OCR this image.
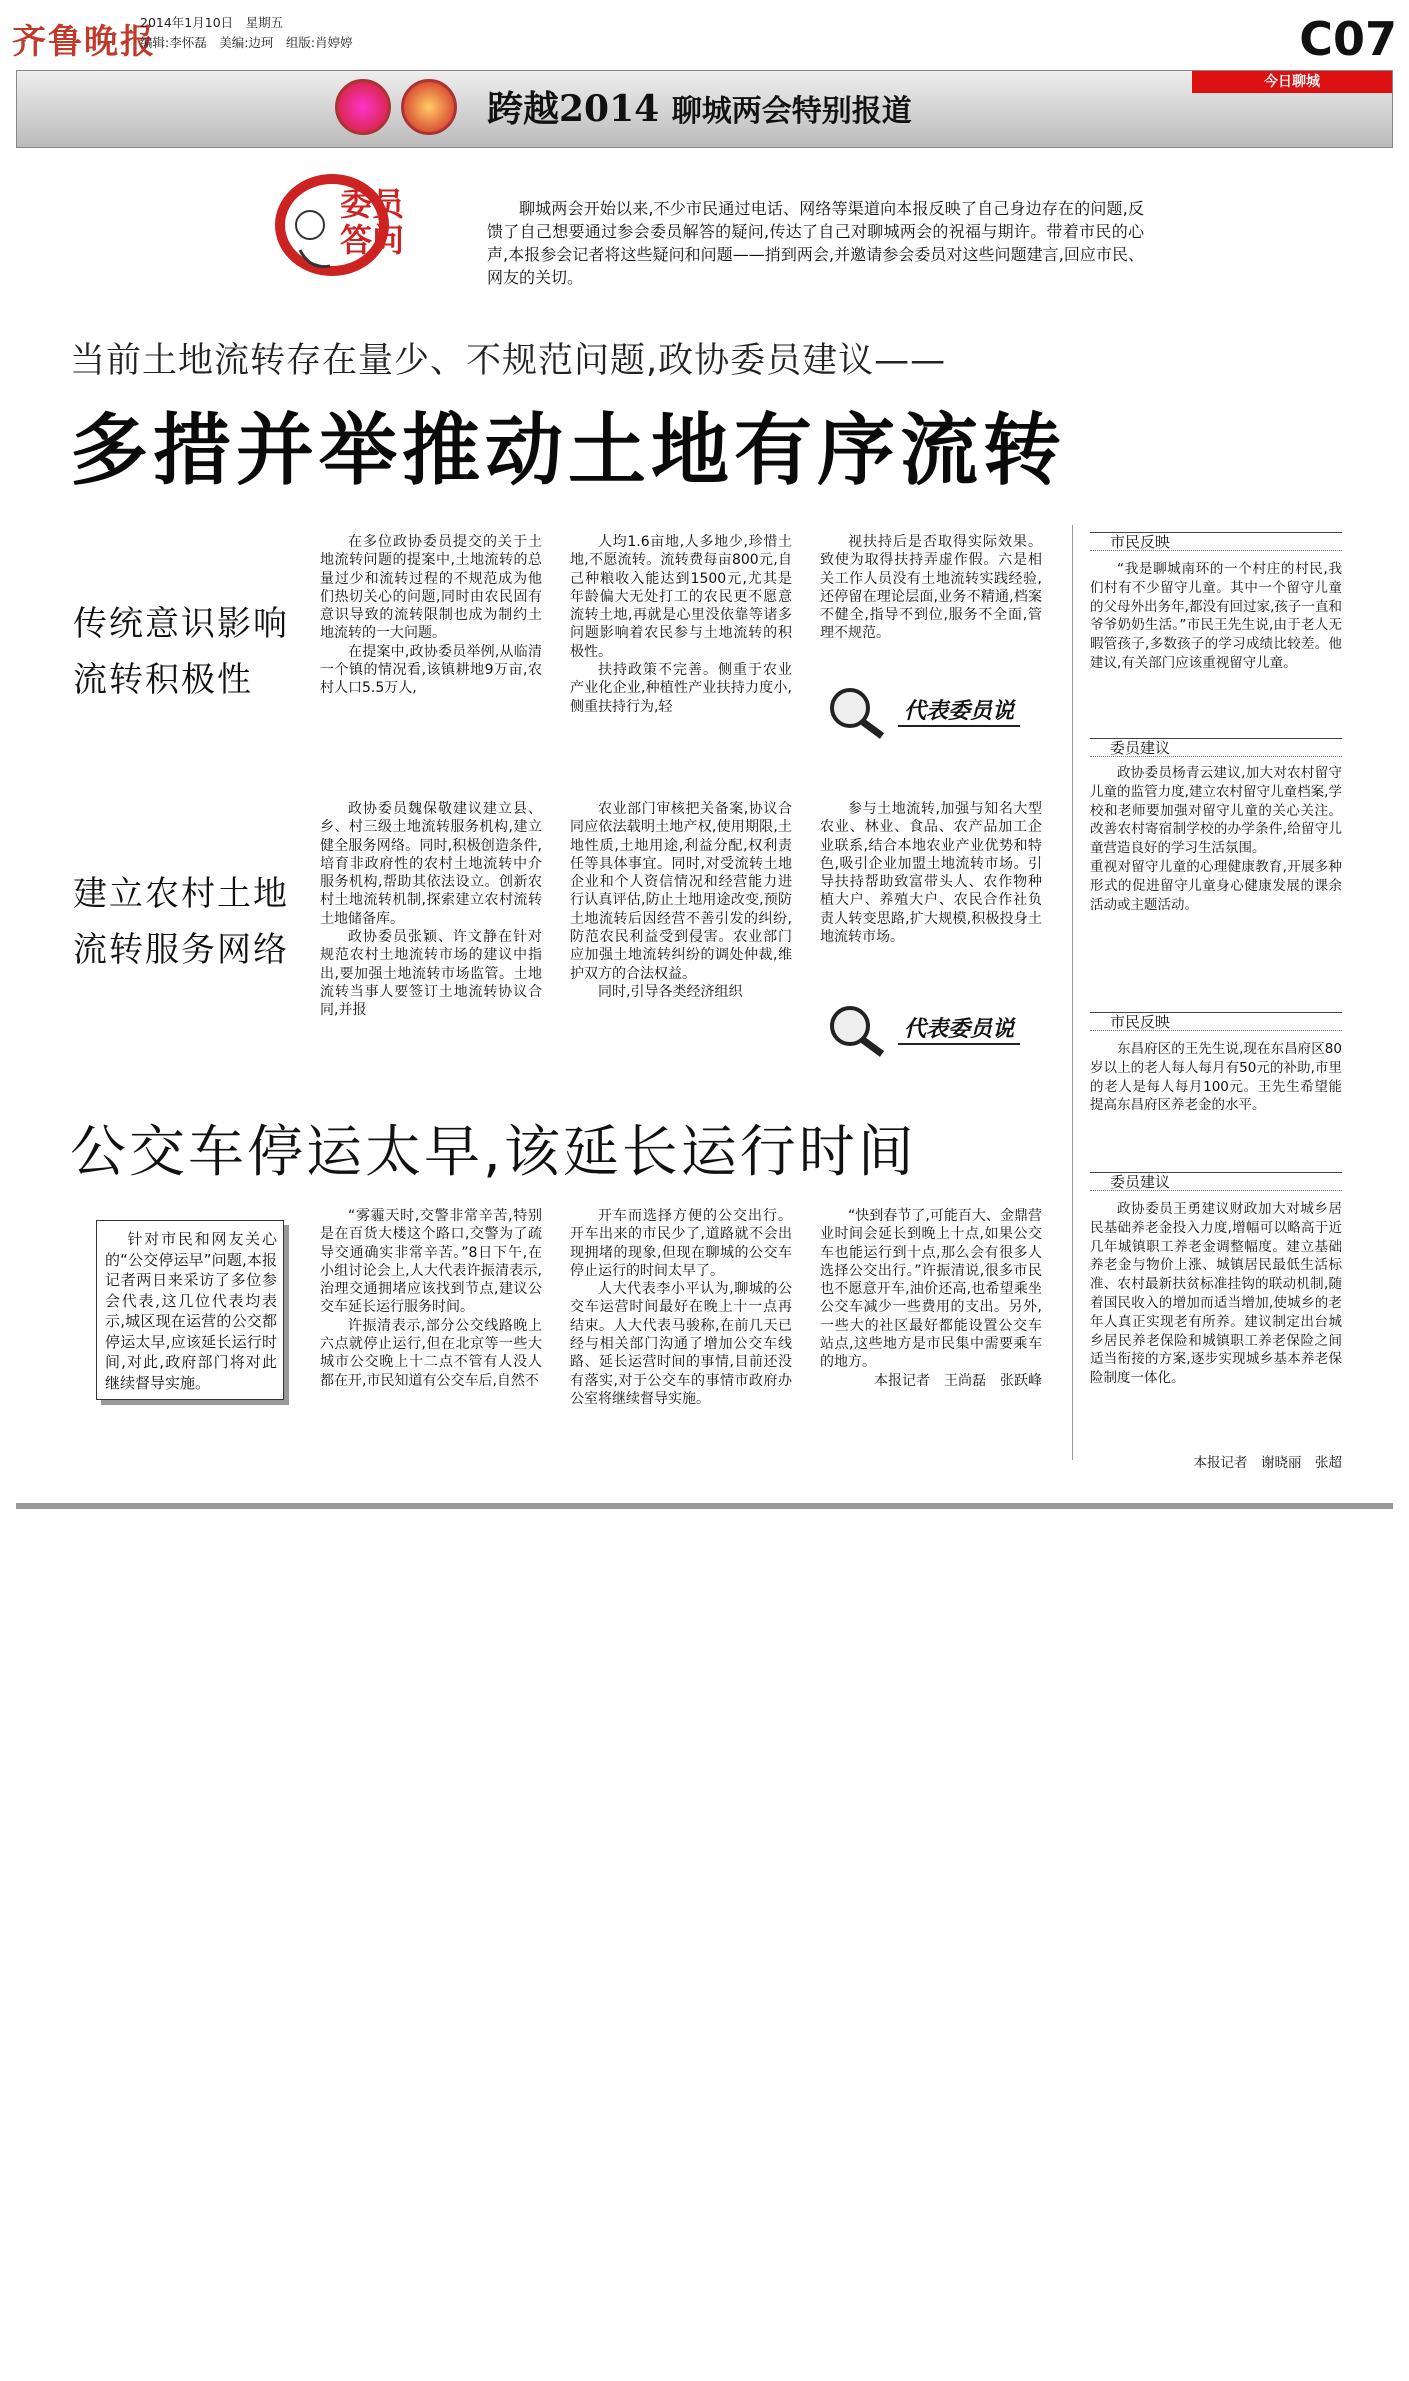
齐鲁晚报
2014年1月10日　星期五
编辑:李怀磊　美编:边珂　组版:肖婷婷	C07
跨越2014 聊城两会特别报道
今日聊城
委员
答问
聊城两会开始以来,不少市民通过电话、网络等渠道向本报反映了自己身边存在的问题,反馈了自己想要通过参会委员解答的疑问,传达了自己对聊城两会的祝福与期许。带着市民的心声,本报参会记者将这些疑问和问题——捎到两会,并邀请参会委员对这些问题建言,回应市民、网友的关切。
当前土地流转存在量少、不规范问题,政协委员建议——
多措并举推动土地有序流转
传统意识影响
流转积极性

在多位政协委员提交的关于土地流转问题的提案中,土地流转的总量过少和流转过程的不规范成为他们热切关心的问题,同时由农民固有意识导致的流转限制也成为制约土地流转的一大问题。

在提案中,政协委员举例,从临清一个镇的情况看,该镇耕地9万亩,农村人口5.5万人,

人均1.6亩地,人多地少,珍惜土地,不愿流转。流转费每亩800元,自己种粮收入能达到1500元,尤其是年龄偏大无处打工的农民更不愿意流转土地,再就是心里没依靠等诸多问题影响着农民参与土地流转的积极性。

扶持政策不完善。侧重于农业产业化企业,种植性产业扶持力度小,侧重扶持行为,轻

视扶持后是否取得实际效果。致使为取得扶持弄虚作假。六是相关工作人员没有土地流转实践经验,还停留在理论层面,业务不精通,档案不健全,指导不到位,服务不全面,管理不规范。

代表委员说
建立农村土地
流转服务网络

政协委员魏保敬建议建立县、乡、村三级土地流转服务机构,建立健全服务网络。同时,积极创造条件,培育非政府性的农村土地流转中介服务机构,帮助其依法设立。创新农村土地流转机制,探索建立农村流转土地储备库。

政协委员张颖、许文静在针对规范农村土地流转市场的建议中指出,要加强土地流转市场监管。土地流转当事人要签订土地流转协议合同,并报

农业部门审核把关备案,协议合同应依法载明土地产权,使用期限,土地性质,土地用途,利益分配,权利责任等具体事宜。同时,对受流转土地企业和个人资信情况和经营能力进行认真评估,防止土地用途改变,预防土地流转后因经营不善引发的纠纷,防范农民利益受到侵害。农业部门应加强土地流转纠纷的调处仲裁,维护双方的合法权益。

同时,引导各类经济组织

参与土地流转,加强与知名大型农业、林业、食品、农产品加工企业联系,结合本地农业产业优势和特色,吸引企业加盟土地流转市场。引导扶持帮助致富带头人、农作物种植大户、养殖大户、农民合作社负责人转变思路,扩大规模,积极投身土地流转市场。

代表委员说
公交车停运太早,该延长运行时间
针对市民和网友关心的“公交停运早”问题,本报记者两日来采访了多位参会代表,这几位代表均表示,城区现在运营的公交都停运太早,应该延长运行时间,对此,政府部门将对此继续督导实施。

“雾霾天时,交警非常辛苦,特别是在百货大楼这个路口,交警为了疏导交通确实非常辛苦。”8日下午,在小组讨论会上,人大代表许振清表示,治理交通拥堵应该找到节点,建议公交车延长运行服务时间。

许振清表示,部分公交线路晚上六点就停止运行,但在北京等一些大城市公交晚上十二点不管有人没人都在开,市民知道有公交车后,自然不

开车而选择方便的公交出行。开车出来的市民少了,道路就不会出现拥堵的现象,但现在聊城的公交车停止运行的时间太早了。

人大代表李小平认为,聊城的公交车运营时间最好在晚上十一点再结束。人大代表马骏称,在前几天已经与相关部门沟通了增加公交车线路、延长运营时间的事情,目前还没有落实,对于公交车的事情市政府办公室将继续督导实施。

“快到春节了,可能百大、金鼎营业时间会延长到晚上十点,如果公交车也能运行到十点,那么会有很多人选择公交出行。”许振清说,很多市民也不愿意开车,油价还高,也希望乘坐公交车减少一些费用的支出。另外,一些大的社区最好都能设置公交车站点,这些地方是市民集中需要乘车的地方。

本报记者　王尚磊　张跃峰

市民反映
“我是聊城南环的一个村庄的村民,我们村有不少留守儿童。其中一个留守儿童的父母外出务年,都没有回过家,孩子一直和爷爷奶奶生活。”市民王先生说,由于老人无暇管孩子,多数孩子的学习成绩比较差。他建议,有关部门应该重视留守儿童。
委员建议
政协委员杨青云建议,加大对农村留守儿童的监管力度,建立农村留守儿童档案,学校和老师要加强对留守儿童的关心关注。改善农村寄宿制学校的办学条件,给留守儿童营造良好的学习生活氛围。
重视对留守儿童的心理健康教育,开展多种形式的促进留守儿童身心健康发展的课余活动或主题活动。
市民反映
东昌府区的王先生说,现在东昌府区80岁以上的老人每人每月有50元的补助,市里的老人是每人每月100元。王先生希望能提高东昌府区养老金的水平。
委员建议
政协委员王勇建议财政加大对城乡居民基础养老金投入力度,增幅可以略高于近几年城镇职工养老金调整幅度。建立基础养老金与物价上涨、城镇居民最低生活标准、农村最新扶贫标准挂钩的联动机制,随着国民收入的增加而适当增加,使城乡的老年人真正实现老有所养。建议制定出台城乡居民养老保险和城镇职工养老保险之间适当衔接的方案,逐步实现城乡基本养老保险制度一体化。
本报记者　谢晓丽　张超
